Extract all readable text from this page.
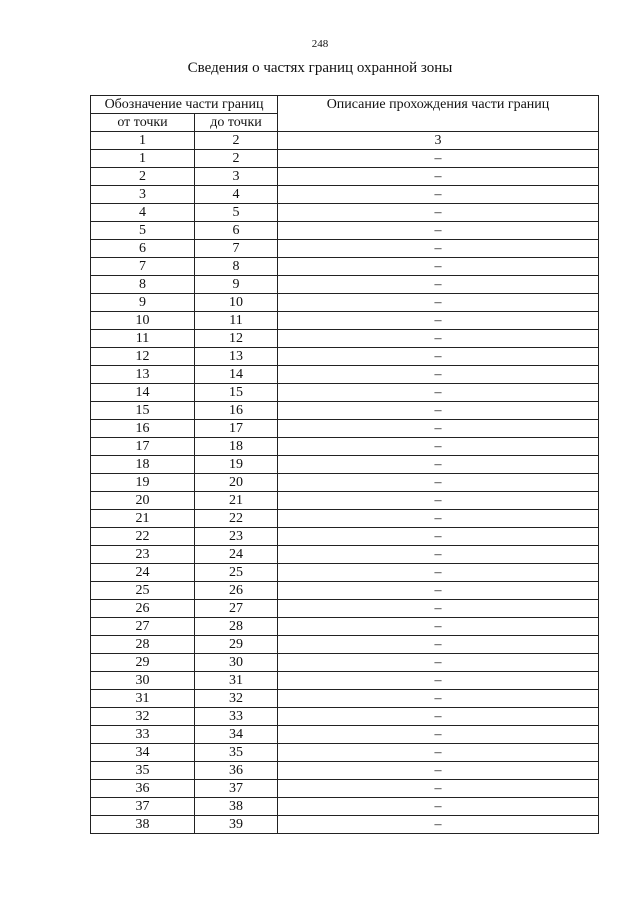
248
Сведения о частях границ охранной зоны
Обозначение части границ		Описание прохождения части границ
от точки	до точки	
1	2	3
1	2	–
2	3	–
3	4	–
4	5	–
5	6	–
6	7	–
7	8	–
8	9	–
9	10	–
10	11	–
11	12	–
12	13	–
13	14	–
14	15	–
15	16	–
16	17	–
17	18	–
18	19	–
19	20	–
20	21	–
21	22	–
22	23	–
23	24	–
24	25	–
25	26	–
26	27	–
27	28	–
28	29	–
29	30	–
30	31	–
31	32	–
32	33	–
33	34	–
34	35	–
35	36	–
36	37	–
37	38	–
38	39	–
